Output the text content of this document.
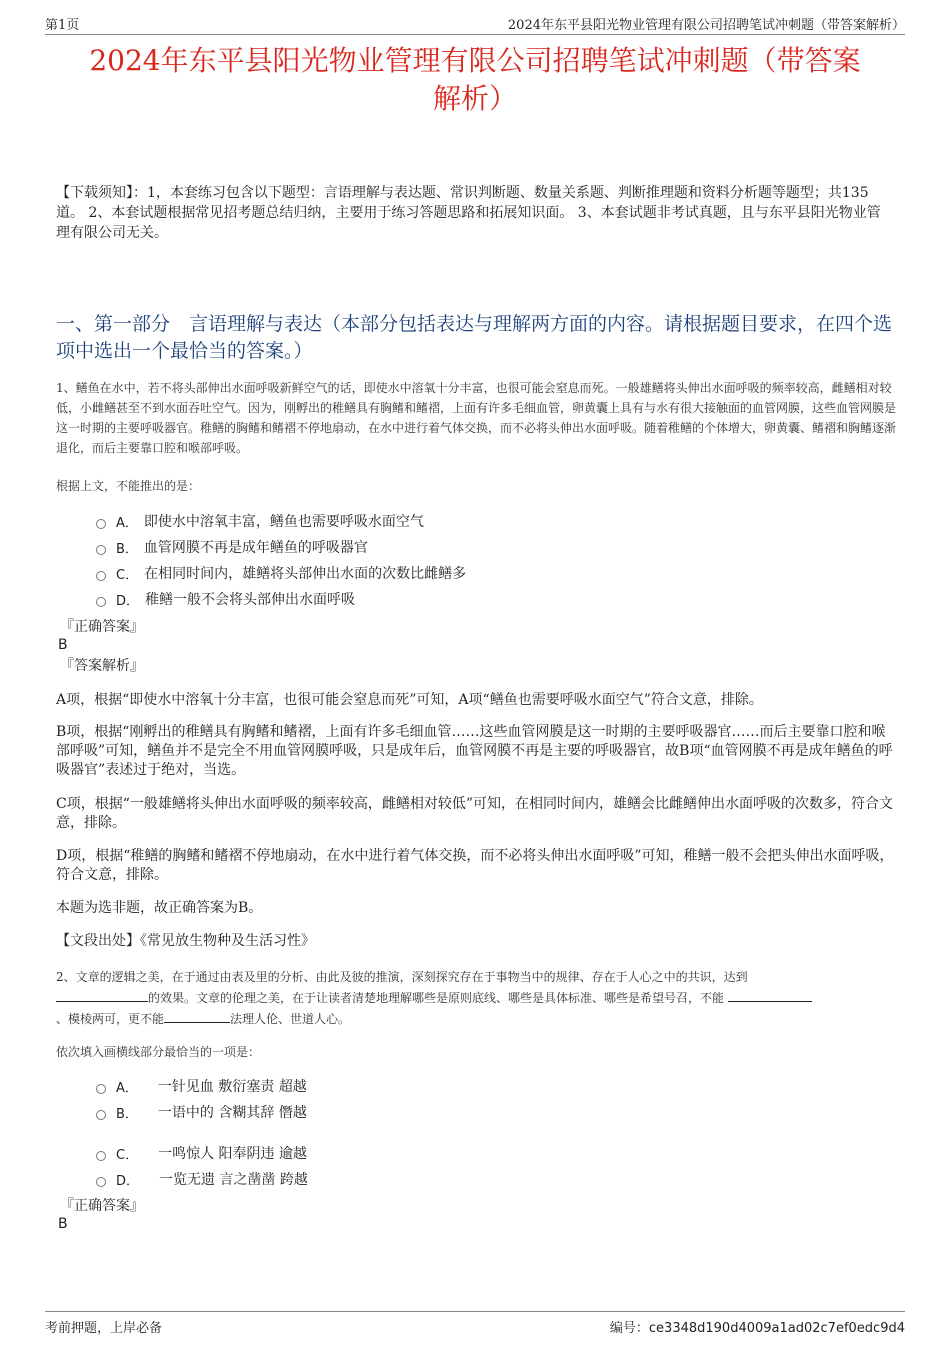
第1页	2024年东平县阳光物业管理有限公司招聘笔试冲刺题（带答案解析）
2024年东平县阳光物业管理有限公司招聘笔试冲刺题（带答案
解析）
【下载须知】：1，本套练习包含以下题型：言语理解与表达题、常识判断题、数量关系题、判断推理题和资料分析题等题型；共135道。 2、本套试题根据常见招考题总结归纳，主要用于练习答题思路和拓展知识面。 3、本套试题非考试真题，且与东平县阳光物业管理有限公司无关。
一、第一部分　言语理解与表达（本部分包括表达与理解两方面的内容。请根据题目要求，在四个选项中选出一个最恰当的答案。）
1、鳝鱼在水中，若不将头部伸出水面呼吸新鲜空气的话，即使水中溶氧十分丰富，也很可能会窒息而死。一般雄鳝将头伸出水面呼吸的频率较高，雌鳝相对较低，小雌鳝甚至不到水面吞吐空气。因为，刚孵出的稚鳝具有胸鳍和鳍褶，上面有许多毛细血管，卵黄囊上具有与水有很大接触面的血管网膜，这些血管网膜是这一时期的主要呼吸器官。稚鳝的胸鳍和鳍褶不停地扇动，在水中进行着气体交换，而不必将头伸出水面呼吸。随着稚鳝的个体增大，卵黄囊、鳍褶和胸鳍逐渐退化，而后主要靠口腔和喉部呼吸。
根据上文，不能推出的是：
A． 即使水中溶氧丰富，鳝鱼也需要呼吸水面空气
B． 血管网膜不再是成年鳝鱼的呼吸器官
C． 在相同时间内，雄鳝将头部伸出水面的次数比雌鳝多
D． 稚鳝一般不会将头部伸出水面呼吸
『正确答案』
B
『答案解析』
A项，根据“即使水中溶氧十分丰富，也很可能会窒息而死”可知，A项“鳝鱼也需要呼吸水面空气”符合文意，排除。
B项，根据“刚孵出的稚鳝具有胸鳍和鳍褶，上面有许多毛细血管……这些血管网膜是这一时期的主要呼吸器官……而后主要靠口腔和喉部呼吸”可知，鳝鱼并不是完全不用血管网膜呼吸，只是成年后，血管网膜不再是主要的呼吸器官，故B项“血管网膜不再是成年鳝鱼的呼吸器官”表述过于绝对，当选。
C项，根据“一般雄鳝将头伸出水面呼吸的频率较高，雌鳝相对较低”可知，在相同时间内，雄鳝会比雌鳝伸出水面呼吸的次数多，符合文意，排除。
D项，根据“稚鳝的胸鳍和鳍褶不停地扇动，在水中进行着气体交换，而不必将头伸出水面呼吸”可知，稚鳝一般不会把头伸出水面呼吸，符合文意，排除。
本题为选非题，故正确答案为B。
【文段出处】《常见放生物种及生活习性》
2、文章的逻辑之美，在于通过由表及里的分析、由此及彼的推演，深刻探究存在于事物当中的规律、存在于人心之中的共识，达到
的效果。文章的伦理之美，在于让读者清楚地理解哪些是原则底线、哪些是具体标准、哪些是希望号召，不能
、模棱两可，更不能	法理人伦、世道人心。
依次填入画横线部分最恰当的一项是：
A． 一针见血
敷衍塞责
超越
B． 一语中的
含糊其辞
僭越
C． 一鸣惊人
阳奉阴违
逾越
D． 一览无遗
言之凿凿
跨越
『正确答案』
B
考前押题，上岸必备	编号：ce3348d190d4009a1ad02c7ef0edc9d4
